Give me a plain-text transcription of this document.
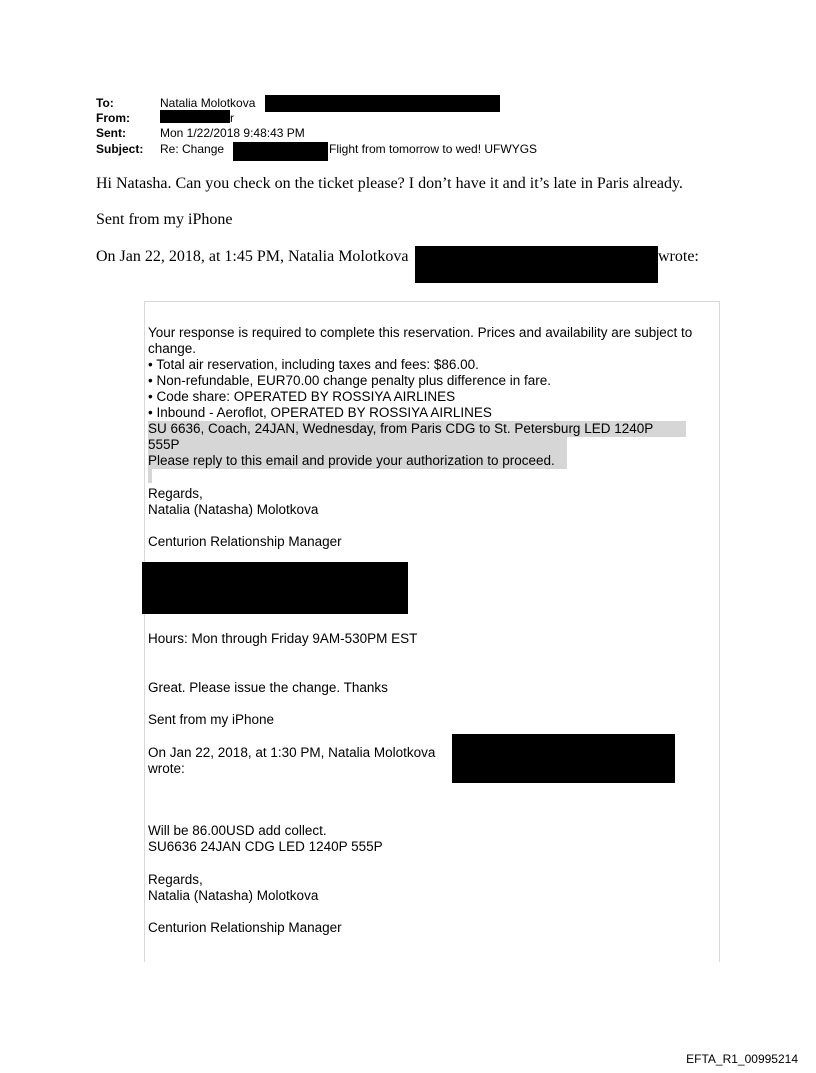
To:	Natalia Molotkova
From:	r
Sent:	Mon 1/22/2018 9:48:43 PM
Subject: Re: Change	Flight from tomorrow to wed! UFWYGS
Hi Natasha. Can you check on the ticket please? I don’t have it and it’s late in Paris already.
Sent from my iPhone
On Jan 22, 2018, at 1:45 PM, Natalia Molotkova	wrote:
Your response is required to complete this reservation. Prices and availability are subject to
change.
• Total air reservation, including taxes and fees: $86.00.
• Non-refundable, EUR70.00 change penalty plus difference in fare.
• Code share: OPERATED BY ROSSIYA AIRLINES
• Inbound - Aeroflot, OPERATED BY ROSSIYA AIRLINES
SU 6636, Coach, 24JAN, Wednesday, from Paris CDG to St. Petersburg LED 1240P
555P
Please reply to this email and provide your authorization to proceed.
Regards,
Natalia (Natasha) Molotkova
Centurion Relationship Manager
Hours: Mon through Friday 9AM-530PM EST
Great. Please issue the change. Thanks
Sent from my iPhone
On Jan 22, 2018, at 1:30 PM, Natalia Molotkova
wrote:
Will be 86.00USD add collect.
SU6636 24JAN CDG LED 1240P 555P
Regards,
Natalia (Natasha) Molotkova
Centurion Relationship Manager
EFTA_R1_00995214
